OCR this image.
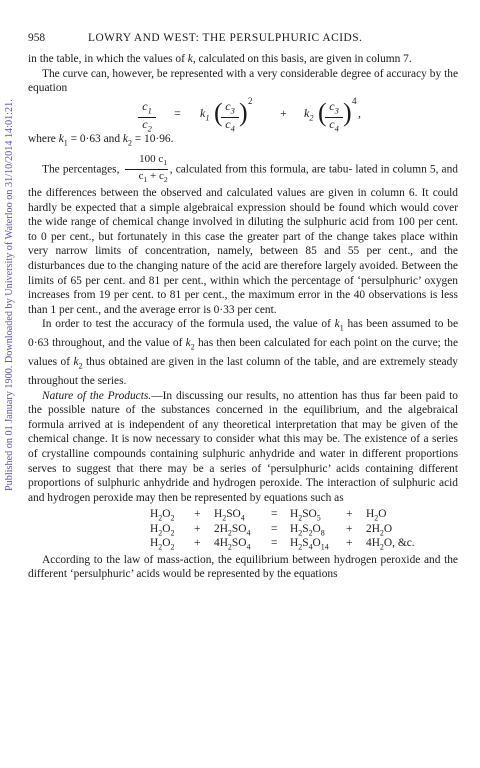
Published on 01 January 1900. Downloaded by University of Waterloo on 31/10/2014 14:01:21.
958	LOWRY AND WEST: THE PERSULPHURIC ACIDS.

in the table, in which the values of k, calculated on this basis, are given in column 7.

The curve can, however, be represented with a very considerable degree of accuracy by the equation

$\frac{c_1}{c_2} = k_1$ (
$\frac{c_3}{c_4}$ ) 2
+ $k_2$ (
$\frac{c_3}{c_4}$ ) 4
,

where $k_1 = 0\cdot 63$ and $k_2 = 10\cdot 96$.

The percentages, $\frac{100 c_1}{c_1 + c_2}$ , calculated from this formula, are tabu- lated in column 5, and the differences between the observed and calculated values are given in column 6. It could hardly be expected that a simple algebraical expression should be found which would cover the wide range of chemical change involved in diluting the sulphuric acid from 100 per cent. to 0 per cent., but fortunately in this case the greater part of the change takes place within very narrow limits of concentration, namely, between 85 and 55 per cent., and the disturbances due to the changing nature of the acid are therefore largely avoided. Between the limits of 65 per cent. and 81 per cent., within which the percentage of ‘persulphuric’ oxygen increases from 19 per cent. to 81 per cent., the maximum error in the 40 observations is less than 1 per cent., and the average error is 0·33 per cent.

In order to test the accuracy of the formula used, the value of $k_1$ has been assumed to be 0·63 throughout, and the value of $k_2$ has then been calculated for each point on the curve; the values of $k_2$ thus obtained are given in the last column of the table, and are extremely steady throughout the series.

Nature of the Products.—In discussing our results, no attention has thus far been paid to the possible nature of the substances concerned in the equilibrium, and the algebraical formula arrived at is independent of any theoretical interpretation that may be given of the chemical change. It is now necessary to consider what this may be. The existence of a series of crystalline compounds containing sulphuric anhydride and water in different proportions serves to suggest that there may be a series of ‘persulphuric’ acids containing different proportions of sulphuric anhydride and hydrogen peroxide. The interaction of sulphuric acid and hydrogen peroxide may then be represented by equations such as

$H_2O_2 + H_2SO_4 = H_2SO_5 + H_2O$
$H_2O_2 + 2H_2SO_4 = H_2S_2O_8 + 2H_2O$
$H_2O_2 + 4H_2SO_4 = H_2S_4O_{14} + 4H_2O$, &c.

According to the law of mass-action, the equilibrium between hydrogen peroxide and the different ‘persulphuric’ acids would be represented by the equations
